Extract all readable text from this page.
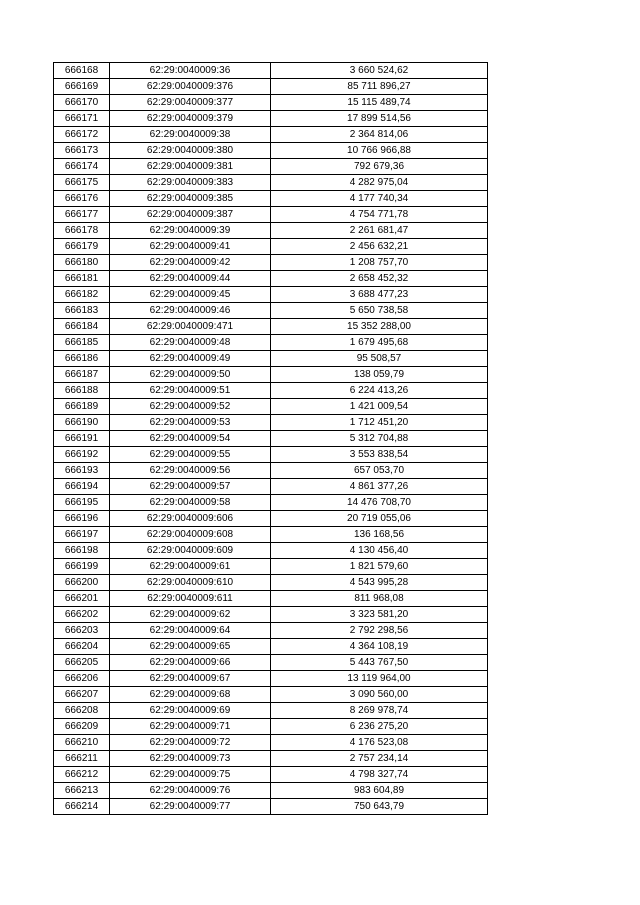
666168	62:29:0040009:36	3 660 524,62
666169	62:29:0040009:376	85 711 896,27
666170	62:29:0040009:377	15 115 489,74
666171	62:29:0040009:379	17 899 514,56
666172	62:29:0040009:38	2 364 814,06
666173	62:29:0040009:380	10 766 966,88
666174	62:29:0040009:381	792 679,36
666175	62:29:0040009:383	4 282 975,04
666176	62:29:0040009:385	4 177 740,34
666177	62:29:0040009:387	4 754 771,78
666178	62:29:0040009:39	2 261 681,47
666179	62:29:0040009:41	2 456 632,21
666180	62:29:0040009:42	1 208 757,70
666181	62:29:0040009:44	2 658 452,32
666182	62:29:0040009:45	3 688 477,23
666183	62:29:0040009:46	5 650 738,58
666184	62:29:0040009:471	15 352 288,00
666185	62:29:0040009:48	1 679 495,68
666186	62:29:0040009:49	95 508,57
666187	62:29:0040009:50	138 059,79
666188	62:29:0040009:51	6 224 413,26
666189	62:29:0040009:52	1 421 009,54
666190	62:29:0040009:53	1 712 451,20
666191	62:29:0040009:54	5 312 704,88
666192	62:29:0040009:55	3 553 838,54
666193	62:29:0040009:56	657 053,70
666194	62:29:0040009:57	4 861 377,26
666195	62:29:0040009:58	14 476 708,70
666196	62:29:0040009:606	20 719 055,06
666197	62:29:0040009:608	136 168,56
666198	62:29:0040009:609	4 130 456,40
666199	62:29:0040009:61	1 821 579,60
666200	62:29:0040009:610	4 543 995,28
666201	62:29:0040009:611	811 968,08
666202	62:29:0040009:62	3 323 581,20
666203	62:29:0040009:64	2 792 298,56
666204	62:29:0040009:65	4 364 108,19
666205	62:29:0040009:66	5 443 767,50
666206	62:29:0040009:67	13 119 964,00
666207	62:29:0040009:68	3 090 560,00
666208	62:29:0040009:69	8 269 978,74
666209	62:29:0040009:71	6 236 275,20
666210	62:29:0040009:72	4 176 523,08
666211	62:29:0040009:73	2 757 234,14
666212	62:29:0040009:75	4 798 327,74
666213	62:29:0040009:76	983 604,89
666214	62:29:0040009:77	750 643,79
